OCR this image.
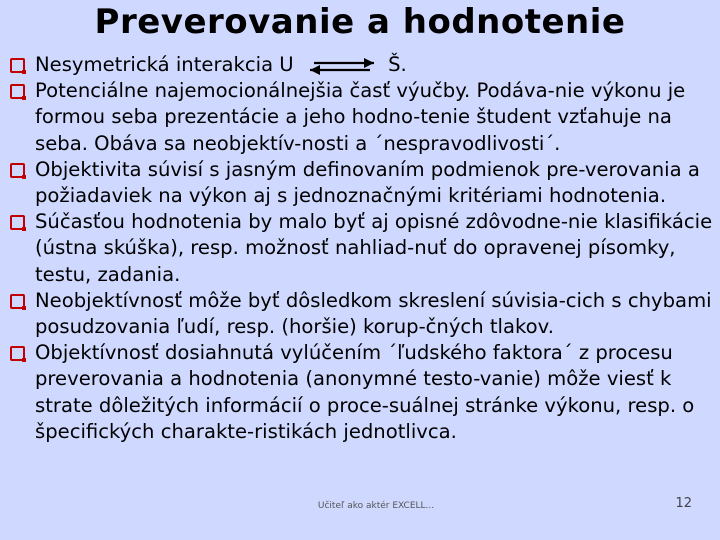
Preverovanie a hodnotenie

Nesymetrická interakcia U	Š.

Potenciálne najemocionálnejšia časť výučby. Podáva-nie výkonu je formou seba prezentácie a jeho hodno-tenie študent vzťahuje na seba. Obáva sa neobjektív-nosti a ´nespravodlivosti´.

Objektivita súvisí s jasným definovaním podmienok pre-verovania a požiadaviek na výkon aj s jednoznačnými kritériami hodnotenia.

Súčasťou hodnotenia by malo byť aj opisné zdôvodne-nie klasifikácie (ústna skúška), resp. možnosť nahliad-nuť do opravenej písomky, testu, zadania.

Neobjektívnosť môže byť dôsledkom skreslení súvisia-cich s chybami posudzovania ľudí, resp. (horšie) korup-čných tlakov.

Objektívnosť dosiahnutá vylúčením ´ľudského faktora´ z procesu preverovania a hodnotenia (anonymné testo-vanie) môže viesť k strate dôležitých informácií o proce-suálnej stránke výkonu, resp. o špecifických charakte-ristikách jednotlivca.

Učiteľ ako aktér EXCELL...	12
